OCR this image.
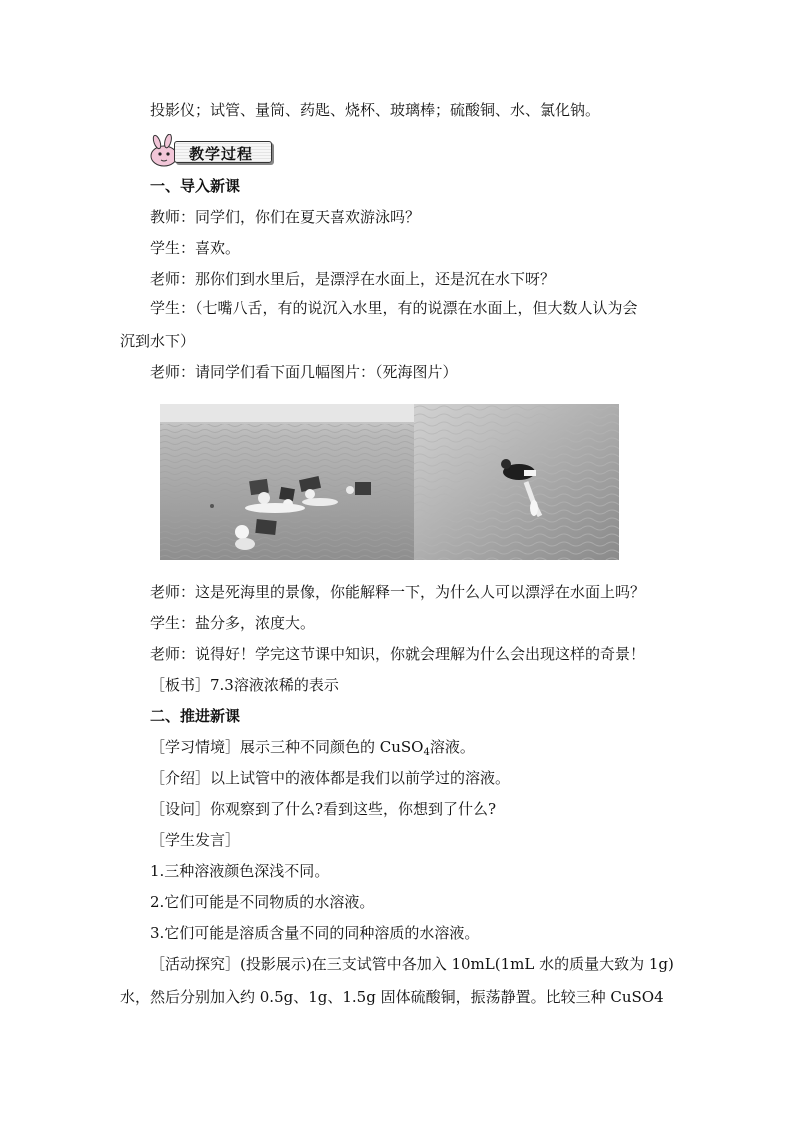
投影仪；试管、量筒、药匙、烧杯、玻璃棒；硫酸铜、水、氯化钠。
教学过程
一、导入新课
教师：同学们，你们在夏天喜欢游泳吗？
学生：喜欢。
老师：那你们到水里后，是漂浮在水面上，还是沉在水下呀？
学生：（七嘴八舌，有的说沉入水里，有的说漂在水面上，但大数人认为会
沉到水下）
老师：请同学们看下面几幅图片：（死海图片）
老师：这是死海里的景像，你能解释一下，为什么人可以漂浮在水面上吗？
学生：盐分多，浓度大。
老师：说得好！学完这节课中知识，你就会理解为什么会出现这样的奇景！
［板书］7.3溶液浓稀的表示
二、推进新课
［学习情境］展示三种不同颜色的 CuSO$_4$溶液。
［介绍］以上试管中的液体都是我们以前学过的溶液。
［设问］你观察到了什么?看到这些，你想到了什么?
［学生发言］
1.三种溶液颜色深浅不同。
2.它们可能是不同物质的水溶液。
3.它们可能是溶质含量不同的同种溶质的水溶液。
［活动探究］(投影展示)在三支试管中各加入 10mL(1mL 水的质量大致为 1g)
水，然后分别加入约 0.5g、1g、1.5g 固体硫酸铜，振荡静置。比较三种 CuSO4
